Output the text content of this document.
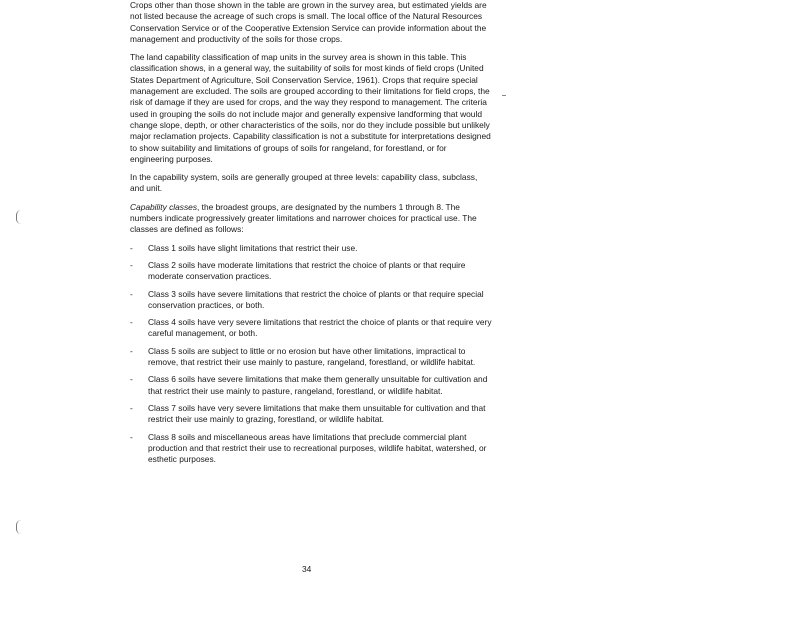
Crops other than those shown in the table are grown in the survey area, but estimated yields are not listed because the acreage of such crops is small. The local office of the Natural Resources Conservation Service or of the Cooperative Extension Service can provide information about the management and productivity of the soils for those crops.

The land capability classification of map units in the survey area is shown in this table. This classification shows, in a general way, the suitability of soils for most kinds of field crops (United States Department of Agriculture, Soil Conservation Service, 1961). Crops that require special management are excluded. The soils are grouped according to their limitations for field crops, the risk of damage if they are used for crops, and the way they respond to management. The criteria used in grouping the soils do not include major and generally expensive landforming that would change slope, depth, or other characteristics of the soils, nor do they include possible but unlikely major reclamation projects. Capability classification is not a substitute for interpretations designed to show suitability and limitations of groups of soils for rangeland, for forestland, or for engineering purposes.

In the capability system, soils are generally grouped at three levels: capability class, subclass, and unit.

Capability classes, the broadest groups, are designated by the numbers 1 through 8. The numbers indicate progressively greater limitations and narrower choices for practical use. The classes are defined as follows:

- Class 1 soils have slight limitations that restrict their use.
- Class 2 soils have moderate limitations that restrict the choice of plants or that require moderate conservation practices.
- Class 3 soils have severe limitations that restrict the choice of plants or that require special conservation practices, or both.
- Class 4 soils have very severe limitations that restrict the choice of plants or that require very careful management, or both.
- Class 5 soils are subject to little or no erosion but have other limitations, impractical to remove, that restrict their use mainly to pasture, rangeland, forestland, or wildlife habitat.
- Class 6 soils have severe limitations that make them generally unsuitable for cultivation and that restrict their use mainly to pasture, rangeland, forestland, or wildlife habitat.
- Class 7 soils have very severe limitations that make them unsuitable for cultivation and that restrict their use mainly to grazing, forestland, or wildlife habitat.
- Class 8 soils and miscellaneous areas have limitations that preclude commercial plant production and that restrict their use to recreational purposes, wildlife habitat, watershed, or esthetic purposes.
34
